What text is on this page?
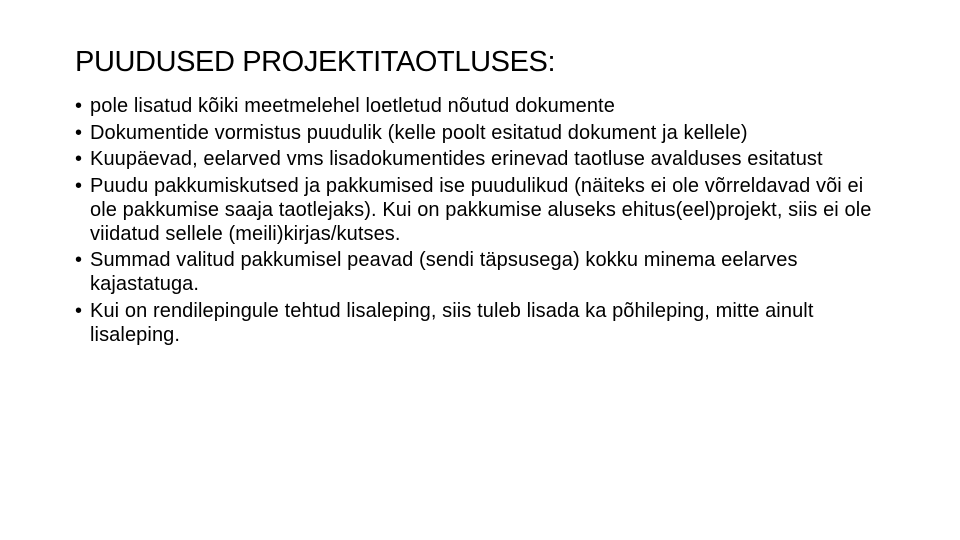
PUUDUSED PROJEKTITAOTLUSES:
• pole lisatud kõiki meetmelehel loetletud nõutud dokumente
• Dokumentide vormistus puudulik (kelle poolt esitatud dokument ja kellele)
• Kuupäevad, eelarved vms lisadokumentides erinevad taotluse avalduses esitatust
• Puudu pakkumiskutsed ja pakkumised ise puudulikud (näiteks ei ole võrreldavad või ei ole pakkumise saaja taotlejaks). Kui on pakkumise aluseks ehitus(eel)projekt, siis ei ole viidatud sellele (meili)kirjas/kutses.
• Summad valitud pakkumisel peavad (sendi täpsusega) kokku minema eelarves kajastatuga.
• Kui on rendilepingule tehtud lisaleping, siis tuleb lisada ka põhileping, mitte ainult lisaleping.
